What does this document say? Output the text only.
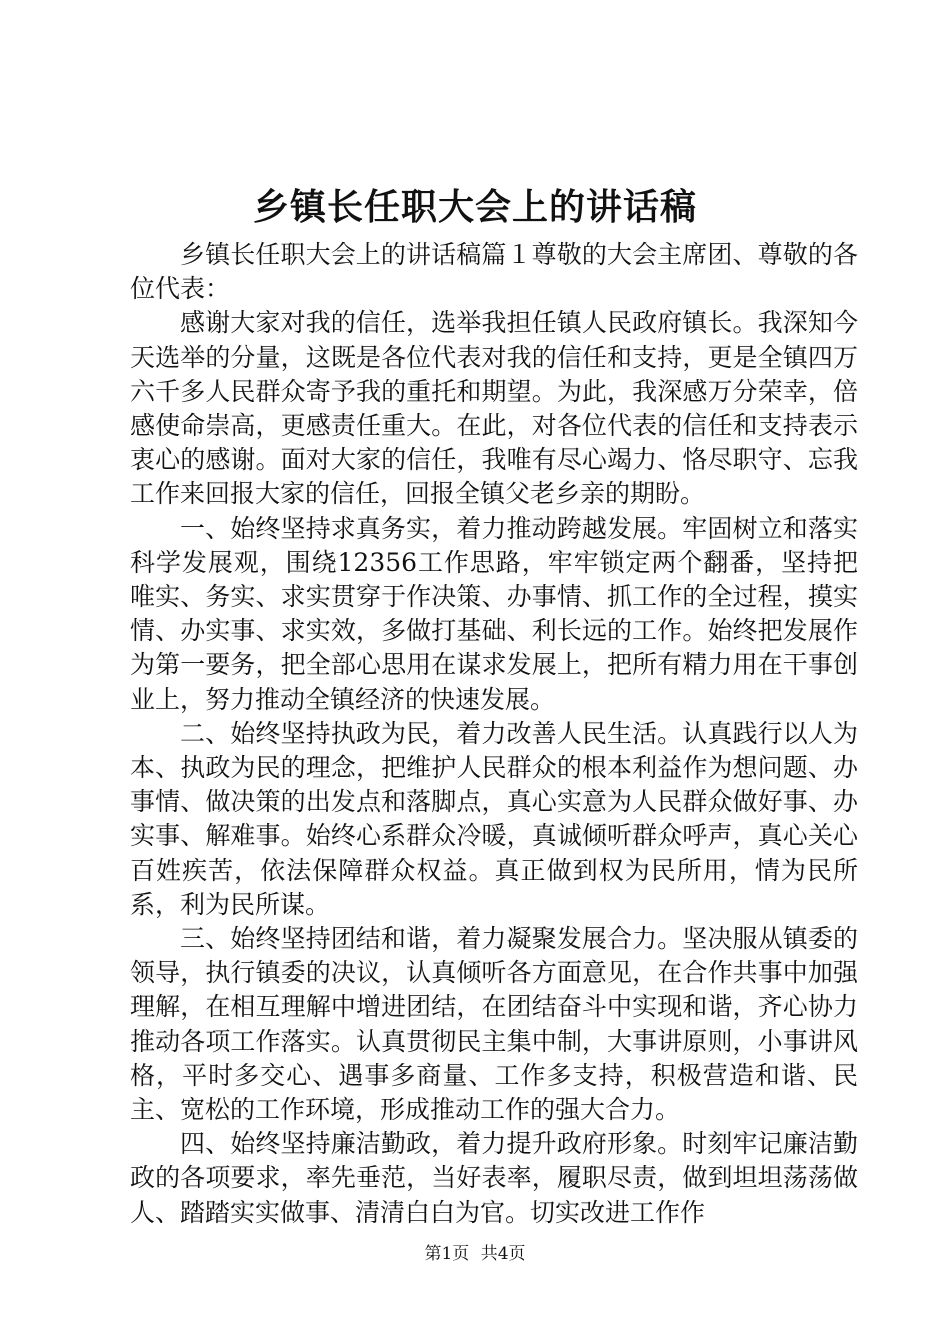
乡镇长任职大会上的讲话稿

乡镇长任职大会上的讲话稿篇１尊敬的大会主席团、尊敬的各位代表：

感谢大家对我的信任，选举我担任镇人民政府镇长。我深知今天选举的分量，这既是各位代表对我的信任和支持，更是全镇四万六千多人民群众寄予我的重托和期望。为此，我深感万分荣幸，倍感使命崇高，更感责任重大。在此，对各位代表的信任和支持表示衷心的感谢。面对大家的信任，我唯有尽心竭力、恪尽职守、忘我工作来回报大家的信任，回报全镇父老乡亲的期盼。

一、始终坚持求真务实，着力推动跨越发展。牢固树立和落实科学发展观，围绕12356工作思路，牢牢锁定两个翻番，坚持把唯实、务实、求实贯穿于作决策、办事情、抓工作的全过程，摸实情、办实事、求实效，多做打基础、利长远的工作。始终把发展作为第一要务，把全部心思用在谋求发展上，把所有精力用在干事创业上，努力推动全镇经济的快速发展。

二、始终坚持执政为民，着力改善人民生活。认真践行以人为本、执政为民的理念，把维护人民群众的根本利益作为想问题、办事情、做决策的出发点和落脚点，真心实意为人民群众做好事、办实事、解难事。始终心系群众冷暖，真诚倾听群众呼声，真心关心百姓疾苦，依法保障群众权益。真正做到权为民所用，情为民所系，利为民所谋。

三、始终坚持团结和谐，着力凝聚发展合力。坚决服从镇委的领导，执行镇委的决议，认真倾听各方面意见，在合作共事中加强理解，在相互理解中增进团结，在团结奋斗中实现和谐，齐心协力推动各项工作落实。认真贯彻民主集中制，大事讲原则，小事讲风格，平时多交心、遇事多商量、工作多支持，积极营造和谐、民主、宽松的工作环境，形成推动工作的强大合力。

四、始终坚持廉洁勤政，着力提升政府形象。时刻牢记廉洁勤政的各项要求，率先垂范，当好表率，履职尽责，做到坦坦荡荡做人、踏踏实实做事、清清白白为官。切实改进工作作

第1页 共4页
